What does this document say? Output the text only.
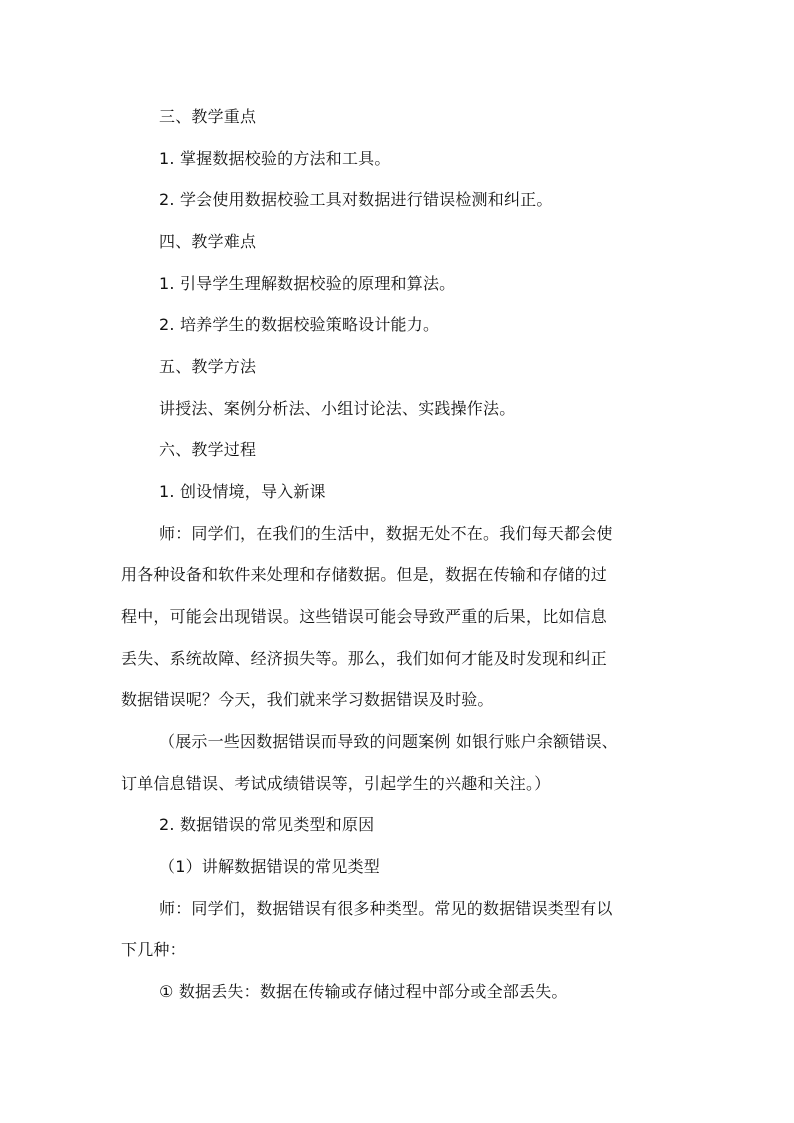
三、教学重点
1. 掌握数据校验的方法和工具。
2. 学会使用数据校验工具对数据进行错误检测和纠正。
四、教学难点
1. 引导学生理解数据校验的原理和算法。
2. 培养学生的数据校验策略设计能力。
五、教学方法
讲授法、案例分析法、小组讨论法、实践操作法。
六、教学过程
1. 创设情境，导入新课
师：同学们，在我们的生活中，数据无处不在。我们每天都会使
用各种设备和软件来处理和存储数据。但是，数据在传输和存储的过
程中，可能会出现错误。这些错误可能会导致严重的后果，比如信息
丢失、系统故障、经济损失等。那么，我们如何才能及时发现和纠正
数据错误呢？今天，我们就来学习数据错误及时验。
（展示一些因数据错误而导致的问题案例 如银行账户余额错误、
订单信息错误、考试成绩错误等，引起学生的兴趣和关注。）
2. 数据错误的常见类型和原因
（1）讲解数据错误的常见类型
师：同学们，数据错误有很多种类型。常见的数据错误类型有以
下几种：
① 数据丢失：数据在传输或存储过程中部分或全部丢失。
